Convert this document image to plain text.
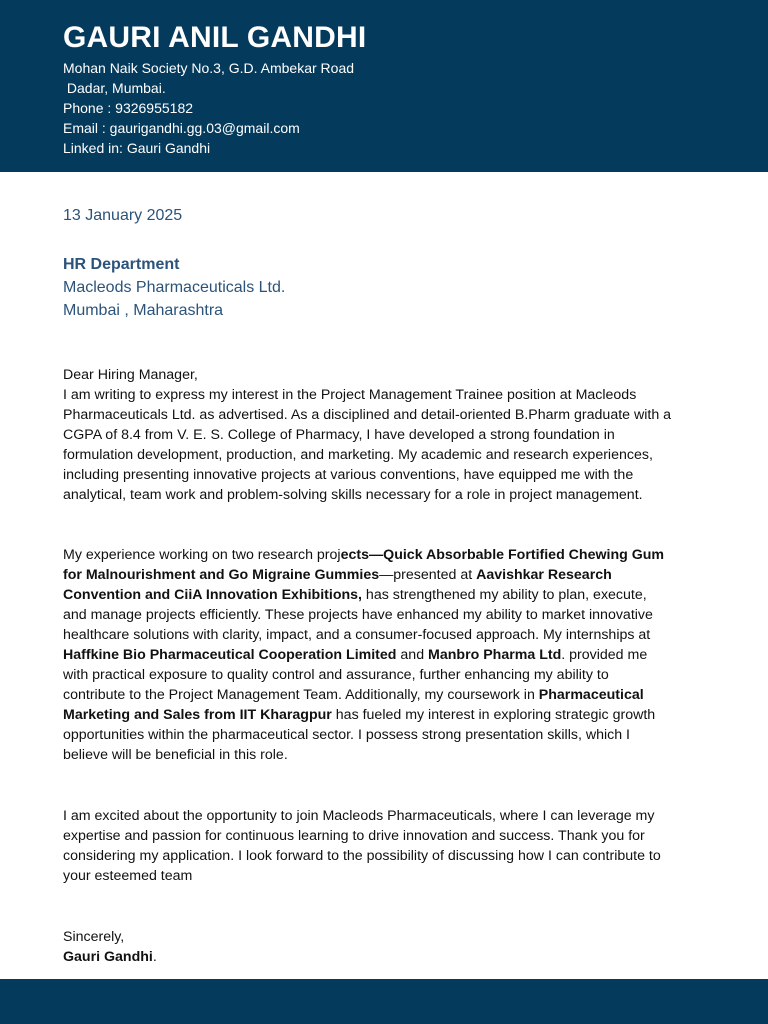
GAURI ANIL GANDHI
Mohan Naik Society No.3, G.D. Ambekar Road
Dadar, Mumbai.
Phone : 9326955182
Email : gaurigandhi.gg.03@gmail.com
Linked in: Gauri Gandhi
13 January 2025
HR Department
Macleods Pharmaceuticals Ltd.
Mumbai , Maharashtra
Dear Hiring Manager,
I am writing to express my interest in the Project Management Trainee position at Macleods Pharmaceuticals Ltd. as advertised. As a disciplined and detail-oriented B.Pharm graduate with a CGPA of 8.4 from V. E. S. College of Pharmacy, I have developed a strong foundation in formulation development, production, and marketing. My academic and research experiences, including presenting innovative projects at various conventions, have equipped me with the analytical, team work and problem-solving skills necessary for a role in project management.
My experience working on two research projects—Quick Absorbable Fortified Chewing Gum for Malnourishment and Go Migraine Gummies—presented at Aavishkar Research Convention and CiiA Innovation Exhibitions, has strengthened my ability to plan, execute, and manage projects efficiently. These projects have enhanced my ability to market innovative healthcare solutions with clarity, impact, and a consumer-focused approach. My internships at Haffkine Bio Pharmaceutical Cooperation Limited and Manbro Pharma Ltd. provided me with practical exposure to quality control and assurance, further enhancing my ability to contribute to the Project Management Team. Additionally, my coursework in Pharmaceutical Marketing and Sales from IIT Kharagpur has fueled my interest in exploring strategic growth opportunities within the pharmaceutical sector. I possess strong presentation skills, which I believe will be beneficial in this role.
I am excited about the opportunity to join Macleods Pharmaceuticals, where I can leverage my expertise and passion for continuous learning to drive innovation and success. Thank you for considering my application. I look forward to the possibility of discussing how I can contribute to your esteemed team
Sincerely,
Gauri Gandhi.
